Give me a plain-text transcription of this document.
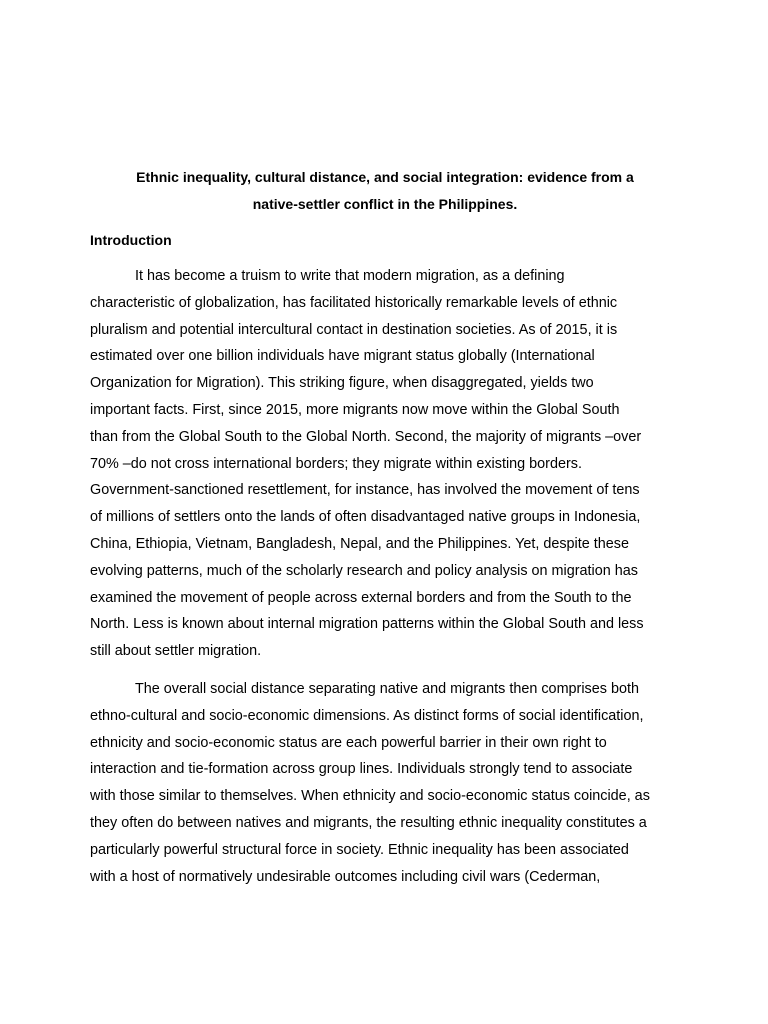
Ethnic inequality, cultural distance, and social integration: evidence from a
native-settler conflict in the Philippines.

Introduction

It has become a truism to write that modern migration, as a defining
characteristic of globalization, has facilitated historically remarkable levels of ethnic
pluralism and potential intercultural contact in destination societies. As of 2015, it is
estimated over one billion individuals have migrant status globally (International
Organization for Migration). This striking figure, when disaggregated, yields two
important facts. First, since 2015, more migrants now move within the Global South
than from the Global South to the Global North. Second, the majority of migrants –over
70% –do not cross international borders; they migrate within existing borders.
Government-sanctioned resettlement, for instance, has involved the movement of tens
of millions of settlers onto the lands of often disadvantaged native groups in Indonesia,
China, Ethiopia, Vietnam, Bangladesh, Nepal, and the Philippines. Yet, despite these
evolving patterns, much of the scholarly research and policy analysis on migration has
examined the movement of people across external borders and from the South to the
North. Less is known about internal migration patterns within the Global South and less
still about settler migration.

The overall social distance separating native and migrants then comprises both
ethno-cultural and socio-economic dimensions. As distinct forms of social identification,
ethnicity and socio-economic status are each powerful barrier in their own right to
interaction and tie-formation across group lines. Individuals strongly tend to associate
with those similar to themselves. When ethnicity and socio-economic status coincide, as
they often do between natives and migrants, the resulting ethnic inequality constitutes a
particularly powerful structural force in society. Ethnic inequality has been associated
with a host of normatively undesirable outcomes including civil wars (Cederman,
